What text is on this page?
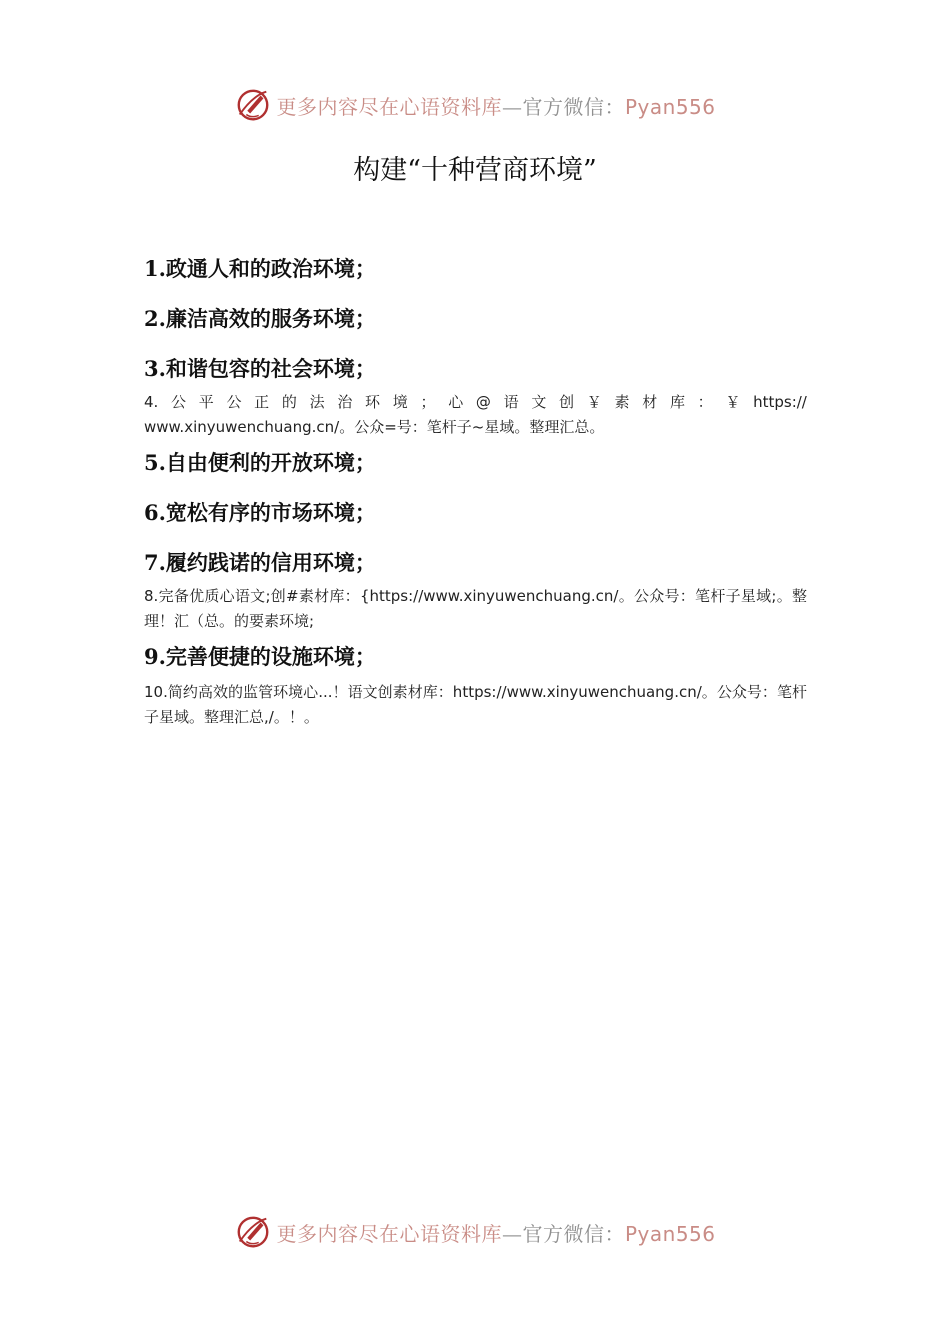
更多内容尽在心语资料库—官方微信：Pyan556
构建“十种营商环境”

1.政通人和的政治环境；

2.廉洁高效的服务环境；

3.和谐包容的社会环境；

4. 公 平 公 正 的 法 治 环 境 ； 心 @ 语 文 创 ￥ 素 材 库 ： ￥ https://
www.xinyuwenchuang.cn/。公众=号：笔杆子~星域。整理汇总。

5.自由便利的开放环境；

6.宽松有序的市场环境；

7.履约践诺的信用环境；

8.完备优质心语文;创#素材库：{https://www.xinyuwenchuang.cn/。公众号：笔杆子星域;。整理！汇（总。的要素环境;

9.完善便捷的设施环境；

10.简约高效的监管环境心...！语文创素材库：https://www.xinyuwenchuang.cn/。公众号：笔杆子星域。整理汇总,/。！。

更多内容尽在心语资料库—官方微信：Pyan556
